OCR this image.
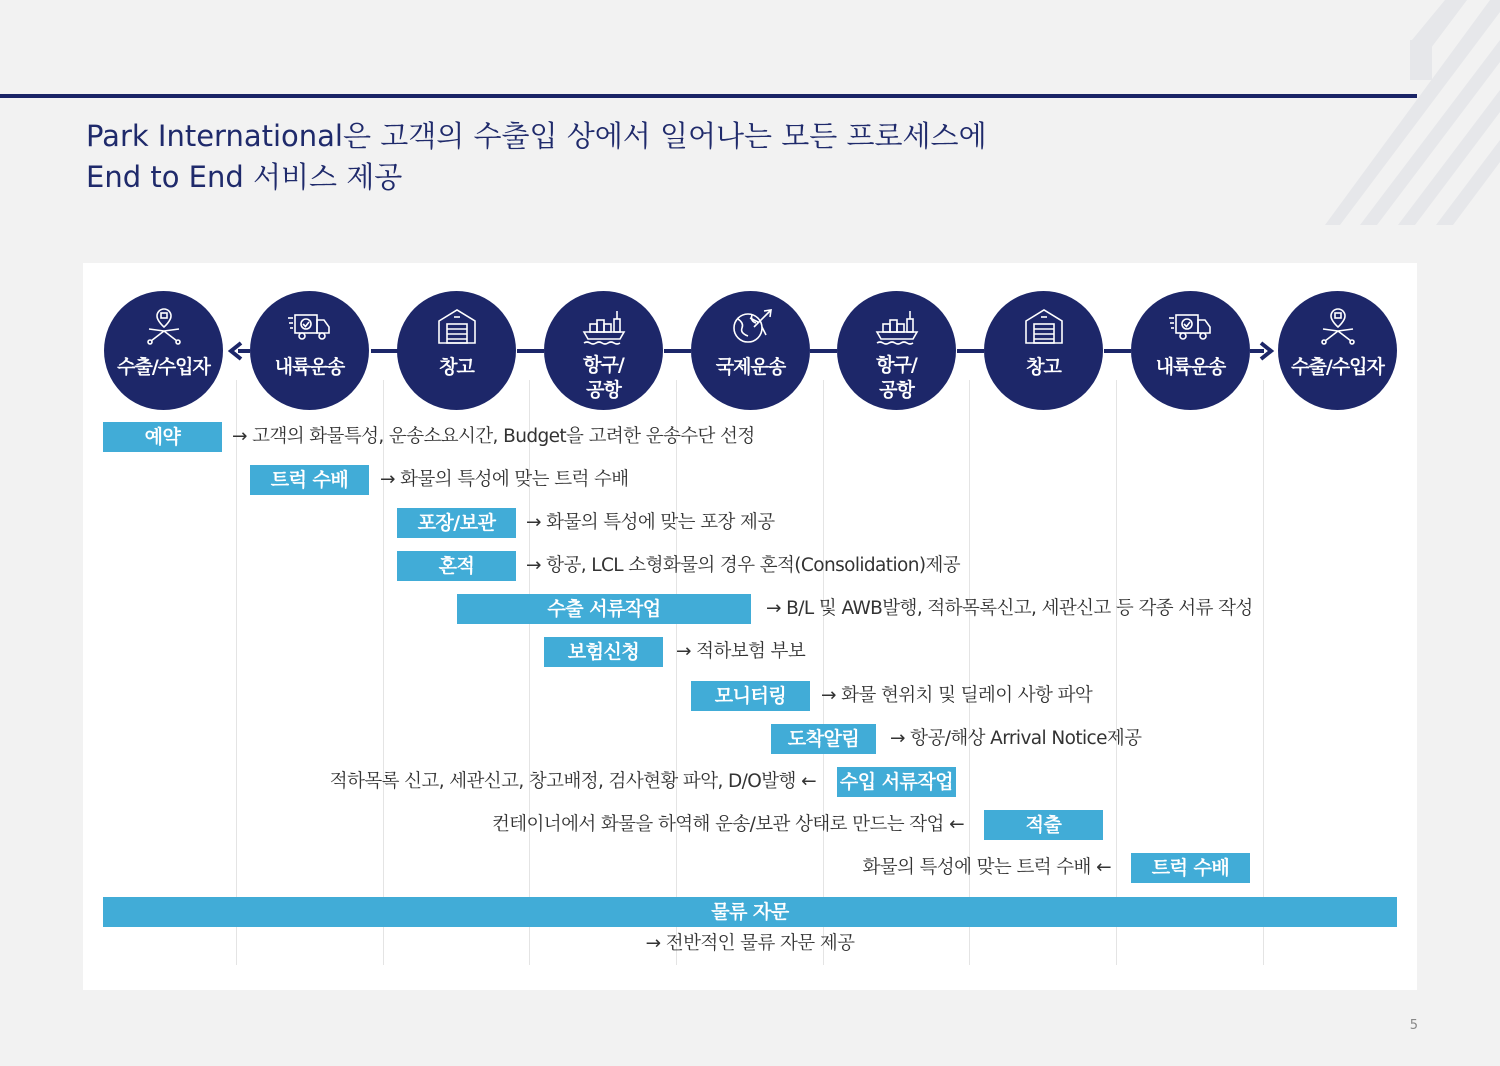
Park International은 고객의 수출입 상에서 일어나는 모든 프로세스에
End to End 서비스 제공
수출/수입자	내륙운송	창고	항구/
공항
국제운송	항구/
공항
창고	내륙운송	수출/수입자
예약	→ 고객의 화물특성, 운송소요시간, Budget을 고려한 운송수단 선정
트럭 수배	→ 화물의 특성에 맞는 트럭 수배
포장/보관	→ 화물의 특성에 맞는 포장 제공
혼적	→ 항공, LCL 소형화물의 경우 혼적(Consolidation)제공
수출 서류작업	→ B/L 및 AWB발행, 적하목록신고, 세관신고 등 각종 서류 작성
보험신청	→ 적하보험 부보
모니터링	→ 화물 현위치 및 딜레이 사항 파악
도착알림	→ 항공/해상 Arrival Notice제공
적하목록 신고, 세관신고, 창고배정, 검사현황 파악, D/O발행 ← 수입 서류작업
컨테이너에서 화물을 하역해 운송/보관 상태로 만드는 작업 ←	적출
화물의 특성에 맞는 트럭 수배 ←	트럭 수배
물류 자문
→ 전반적인 물류 자문 제공
5
